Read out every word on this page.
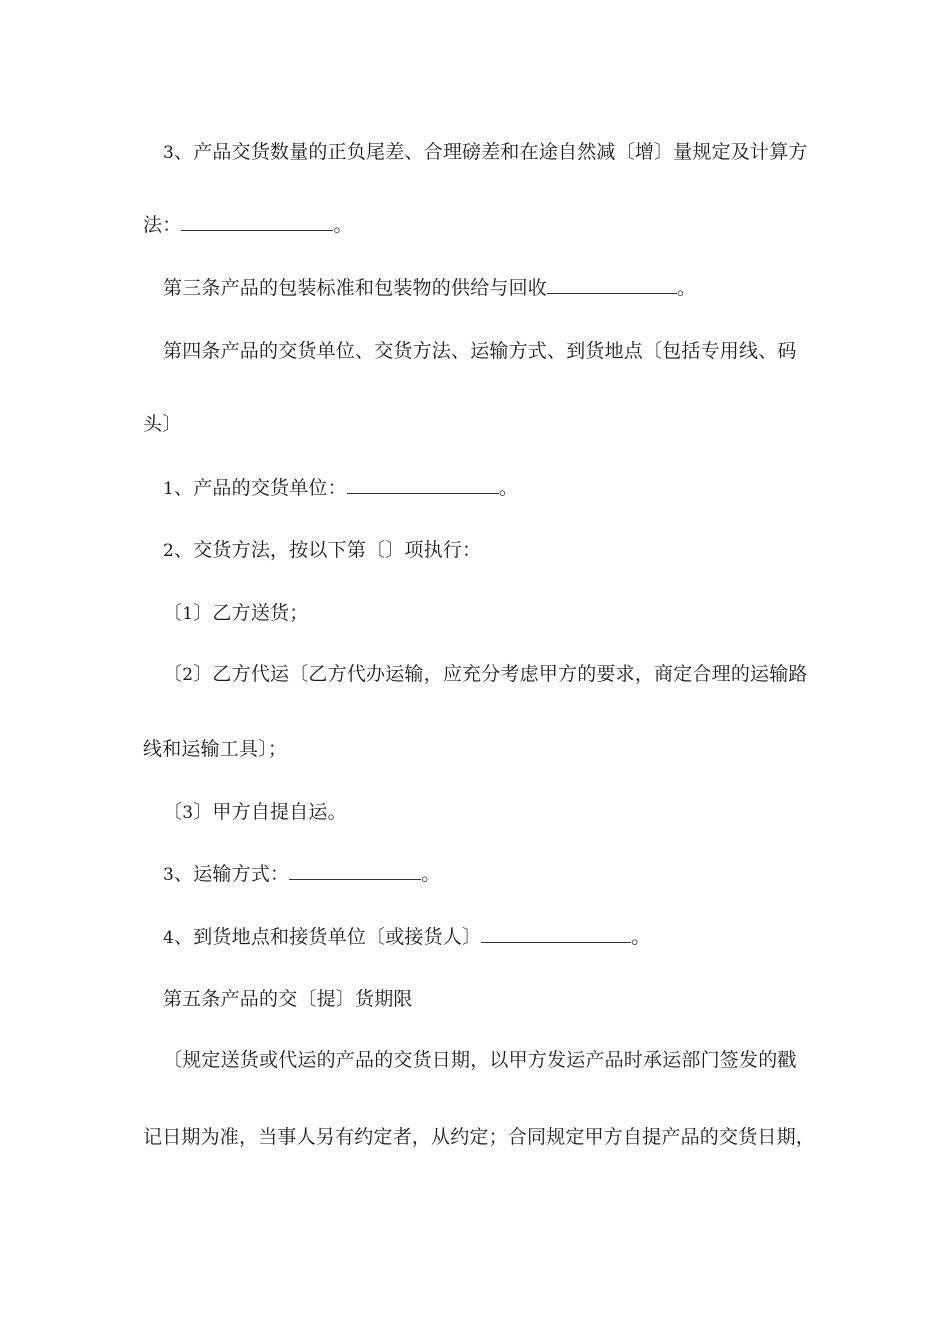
3、产品交货数量的正负尾差、合理磅差和在途自然减〔增〕量规定及计算方
法：	。
第三条产品的包装标准和包装物的供给与回收	。
第四条产品的交货单位、交货方法、运输方式、到货地点〔包括专用线、码
头〕
1、产品的交货单位：	。
2、交货方法，按以下第〔〕项执行：
〔1〕乙方送货；
〔2〕乙方代运〔乙方代办运输，应充分考虑甲方的要求，商定合理的运输路
线和运输工具〕；
〔3〕甲方自提自运。
3、运输方式：	。
4、到货地点和接货单位〔或接货人〕	。
第五条产品的交〔提〕货期限
〔规定送货或代运的产品的交货日期，以甲方发运产品时承运部门签发的戳
记日期为准，当事人另有约定者，从约定；合同规定甲方自提产品的交货日期，
